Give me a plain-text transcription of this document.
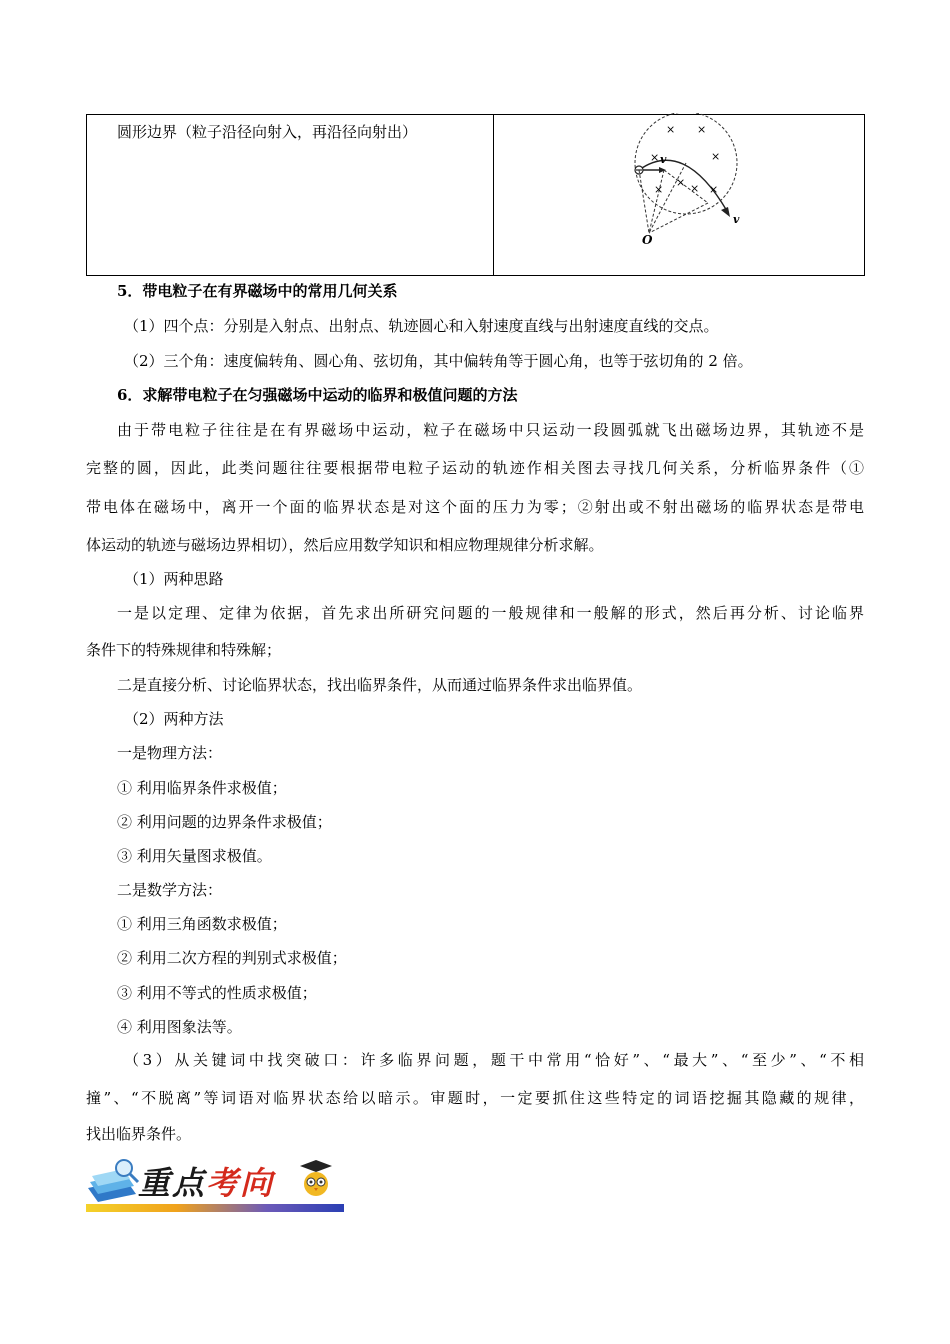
圆形边界（粒子沿径向射入，再沿径向射出）	× ×
×	×
×
× × ×
v
v
O
5．带电粒子在有界磁场中的常用几何关系
（1）四个点：分别是入射点、出射点、轨迹圆心和入射速度直线与出射速度直线的交点。
（2）三个角：速度偏转角、圆心角、弦切角，其中偏转角等于圆心角，也等于弦切角的 2 倍。
6．求解带电粒子在匀强磁场中运动的临界和极值问题的方法
由于带电粒子往往是在有界磁场中运动，粒子在磁场中只运动一段圆弧就飞出磁场边界，其轨迹不是
完整的圆，因此，此类问题往往要根据带电粒子运动的轨迹作相关图去寻找几何关系，分析临界条件（①
带电体在磁场中，离开一个面的临界状态是对这个面的压力为零；②射出或不射出磁场的临界状态是带电
体运动的轨迹与磁场边界相切），然后应用数学知识和相应物理规律分析求解。
（1）两种思路
一是以定理、定律为依据，首先求出所研究问题的一般规律和一般解的形式，然后再分析、讨论临界
条件下的特殊规律和特殊解；
二是直接分析、讨论临界状态，找出临界条件，从而通过临界条件求出临界值。
（2）两种方法
一是物理方法：
① 利用临界条件求极值；
② 利用问题的边界条件求极值；
③ 利用矢量图求极值。
二是数学方法：
① 利用三角函数求极值；
② 利用二次方程的判别式求极值；
③ 利用不等式的性质求极值；
④ 利用图象法等。
（3）从关键词中找突破口：许多临界问题，题干中常用“恰好”、“最大”、“至少”、“不相
撞”、“不脱离”等词语对临界状态给以暗示。审题时，一定要抓住这些特定的词语挖掘其隐藏的规律，
找出临界条件。
重点考向
